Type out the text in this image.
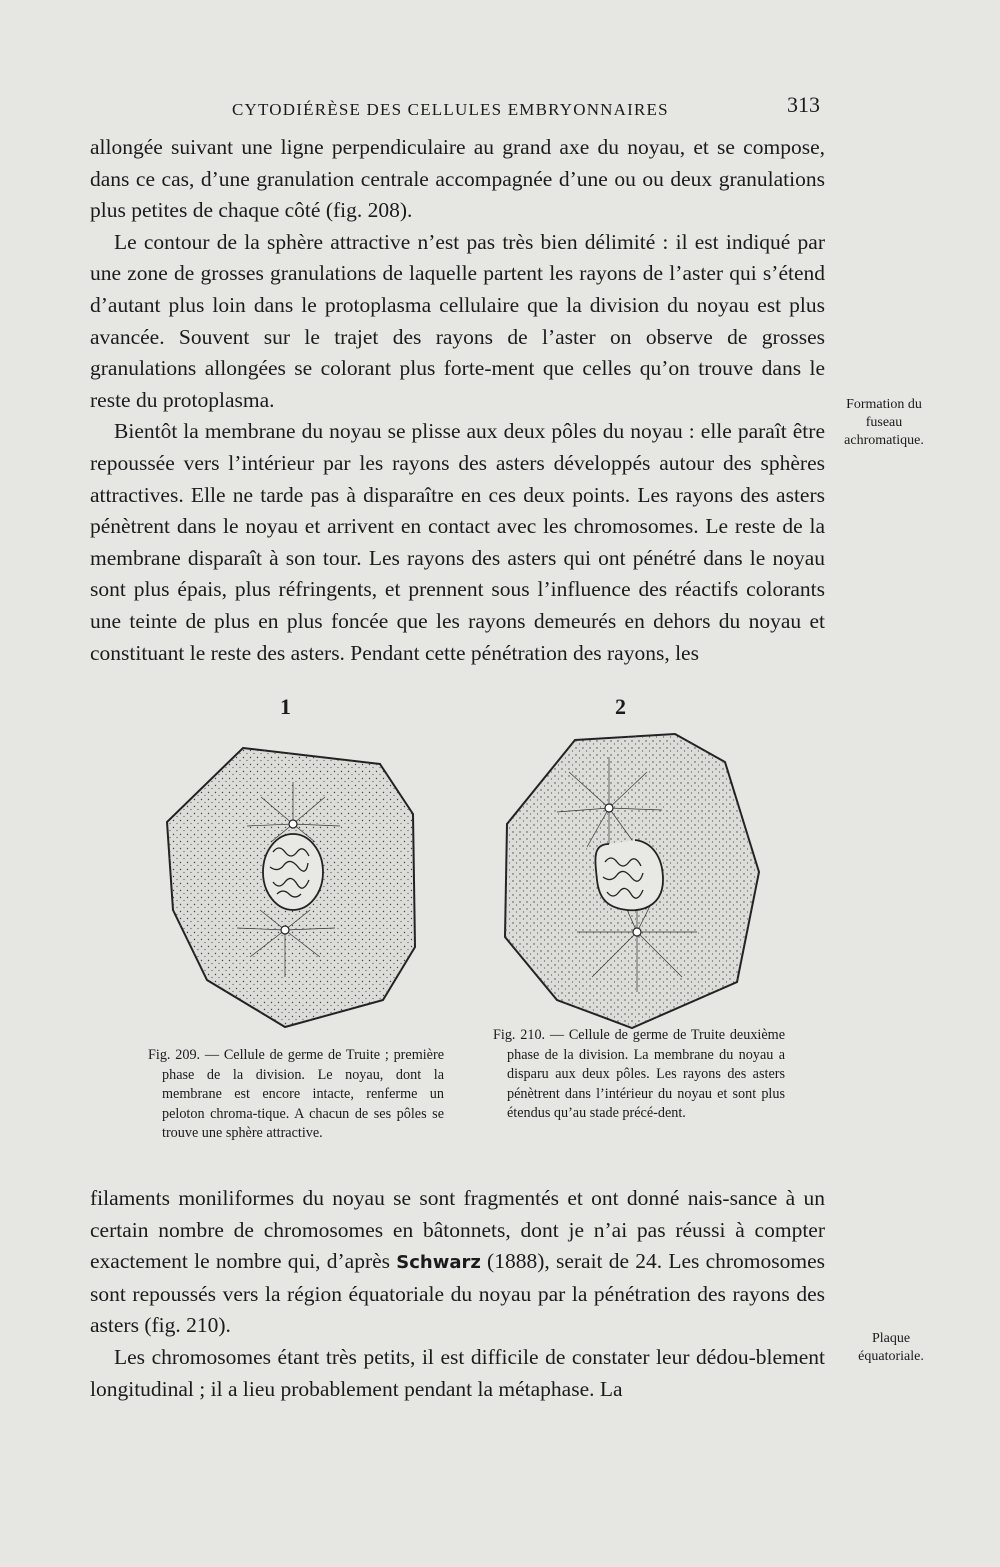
CYTODIÉRÈSE DES CELLULES EMBRYONNAIRES	313

allongée suivant une ligne perpendiculaire au grand axe du noyau, et se compose, dans ce cas, d’une granulation centrale accompagnée d’une ou ou deux granulations plus petites de chaque côté (fig. 208).

Le contour de la sphère attractive n’est pas très bien délimité : il est indiqué par une zone de grosses granulations de laquelle partent les rayons de l’aster qui s’étend d’autant plus loin dans le protoplasma cellulaire que la division du noyau est plus avancée. Souvent sur le trajet des rayons de l’aster on observe de grosses granulations allongées se colorant plus forte-ment que celles qu’on trouve dans le reste du protoplasma.

Bientôt la membrane du noyau se plisse aux deux pôles du noyau : elle paraît être repoussée vers l’intérieur par les rayons des asters développés autour des sphères attractives. Elle ne tarde pas à disparaître en ces deux points. Les rayons des asters pénètrent dans le noyau et arrivent en contact avec les chromosomes. Le reste de la membrane disparaît à son tour. Les rayons des asters qui ont pénétré dans le noyau sont plus épais, plus réfringents, et prennent sous l’influence des réactifs colorants une teinte de plus en plus foncée que les rayons demeurés en dehors du noyau et constituant le reste des asters. Pendant cette pénétration des rayons, les

Formation du fuseau achromatique.
1	2
Fig. 209. — Cellule de germe de Truite ; première phase de la division. Le noyau, dont la membrane est encore intacte, renferme un peloton chroma-tique. A chacun de ses pôles se trouve une sphère attractive.
Fig. 210. — Cellule de germe de Truite deuxième phase de la division. La membrane du noyau a disparu aux deux pôles. Les rayons des asters pénètrent dans l’intérieur du noyau et sont plus étendus qu’au stade précé-dent.

filaments moniliformes du noyau se sont fragmentés et ont donné nais-sance à un certain nombre de chromosomes en bâtonnets, dont je n’ai pas réussi à compter exactement le nombre qui, d’après Schwarz (1888), serait de 24. Les chromosomes sont repoussés vers la région équatoriale du noyau par la pénétration des rayons des asters (fig. 210).

Les chromosomes étant très petits, il est difficile de constater leur dédou-blement longitudinal ; il a lieu probablement pendant la métaphase. La

Plaque équatoriale.
